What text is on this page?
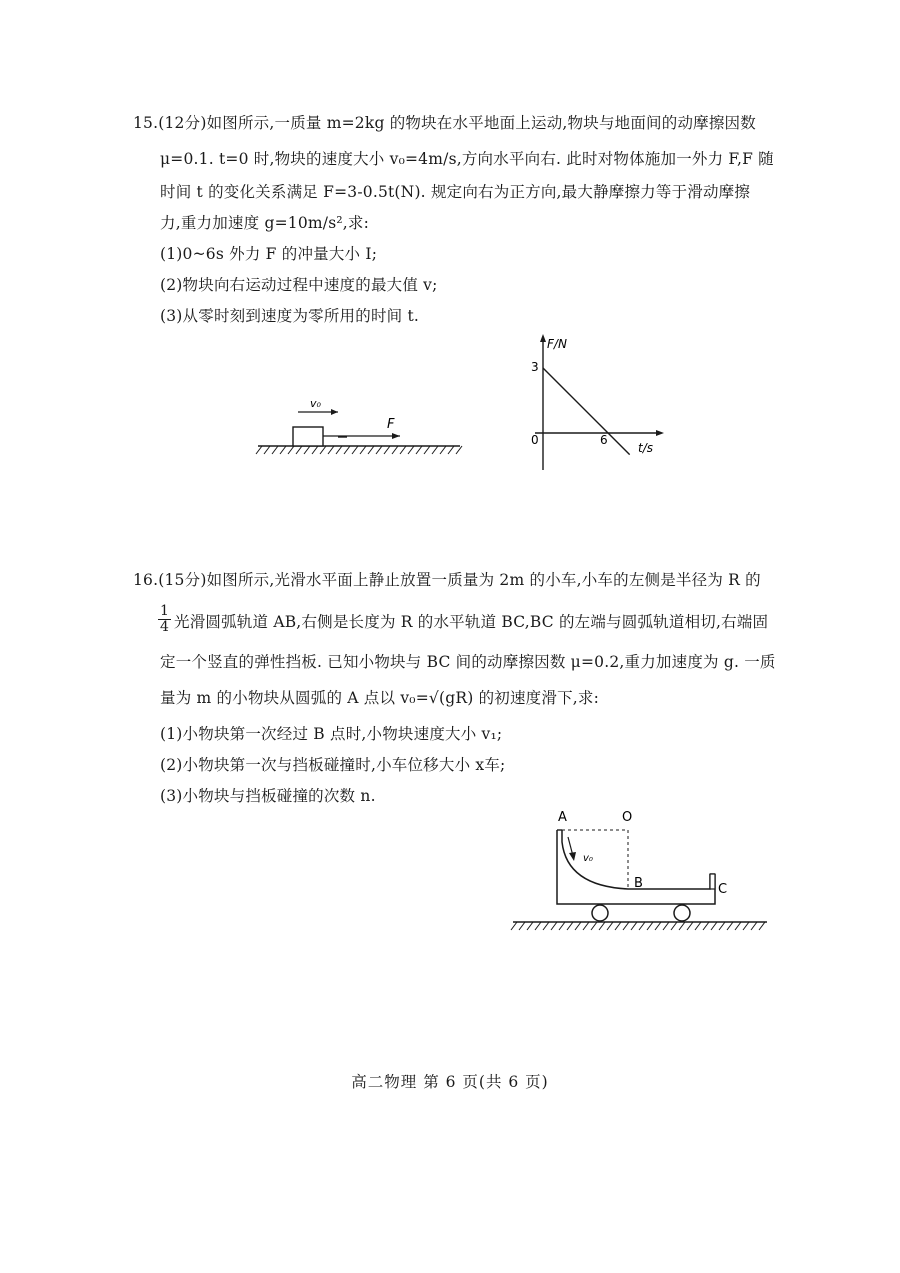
15.(12分)如图所示,一质量 m=2kg 的物块在水平地面上运动,物块与地面间的动摩擦因数
μ=0.1. t=0 时,物块的速度大小 v₀=4m/s,方向水平向右. 此时对物体施加一外力 F,F 随
时间 t 的变化关系满足 F=3-0.5t(N). 规定向右为正方向,最大静摩擦力等于滑动摩擦
力,重力加速度 g=10m/s²,求:
(1)0~6s 外力 F 的冲量大小 I;
(2)物块向右运动过程中速度的最大值 v;
(3)从零时刻到速度为零所用的时间 t.
v₀
F
F/N
t/s
0
3
6
16.(15分)如图所示,光滑水平面上静止放置一质量为 2m 的小车,小车的左侧是半径为 R 的
$\frac{1}{4}$ 光滑圆弧轨道 AB,右侧是长度为 R 的水平轨道 BC,BC 的左端与圆弧轨道相切,右端固
定一个竖直的弹性挡板. 已知小物块与 BC 间的动摩擦因数 μ=0.2,重力加速度为 g. 一质
量为 m 的小物块从圆弧的 A 点以 v₀=√(gR) 的初速度滑下,求:
(1)小物块第一次经过 B 点时,小物块速度大小 v₁;
(2)小物块第一次与挡板碰撞时,小车位移大小 x车;
(3)小物块与挡板碰撞的次数 n.
A	O
B	C
v₀
高二物理 第 6 页(共 6 页)
